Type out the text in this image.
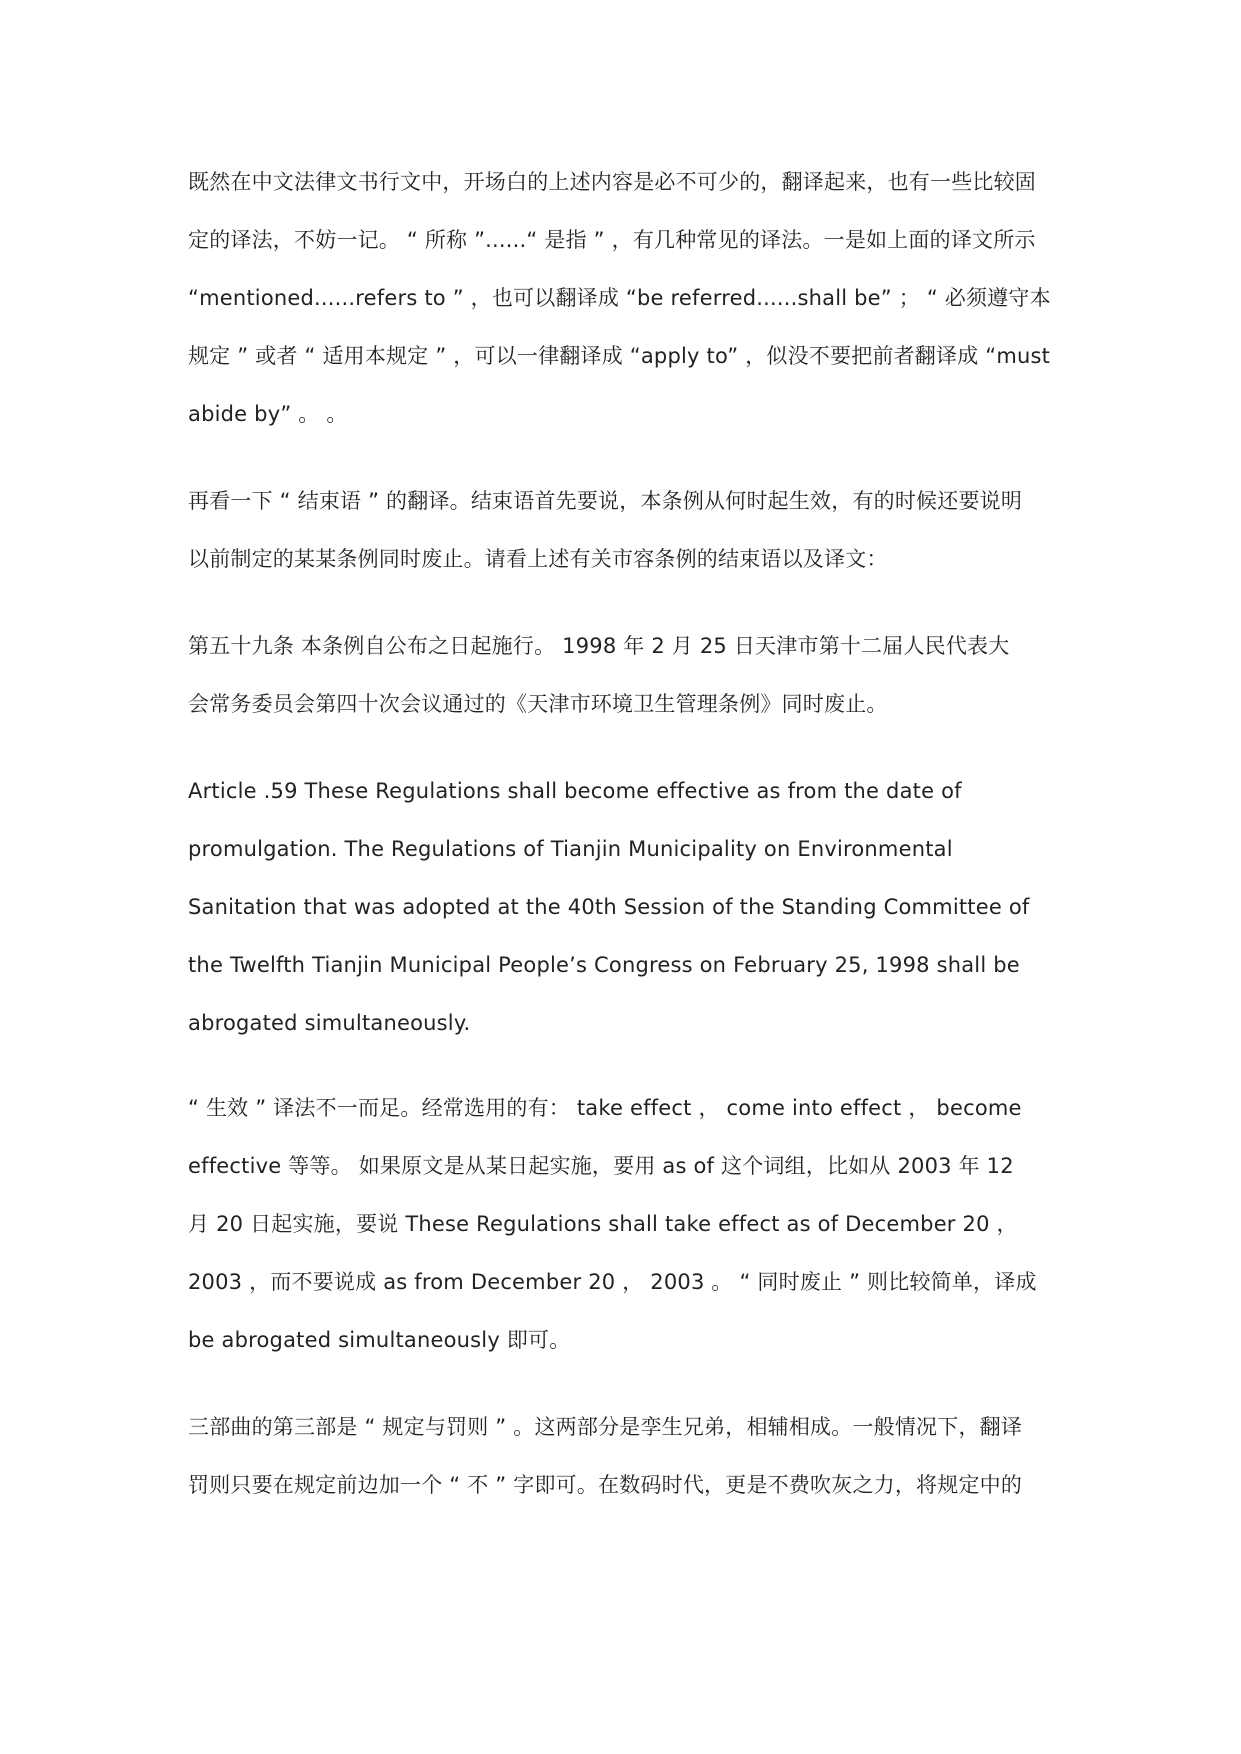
既然在中文法律文书行文中，开场白的上述内容是必不可少的，翻译起来，也有一些比较固
定的译法，不妨一记。 “ 所称 ”......“ 是指 ” ，有几种常见的译法。一是如上面的译文所示
“mentioned......refers to ” ，也可以翻译成 “be referred......shall be” ； “ 必须遵守本
规定 ” 或者 “ 适用本规定 ” ，可以一律翻译成 “apply to” ，似没不要把前者翻译成 “must
abide by” 。 。
再看一下 “ 结束语 ” 的翻译。结束语首先要说，本条例从何时起生效，有的时候还要说明
以前制定的某某条例同时废止。请看上述有关市容条例的结束语以及译文：
第五十九条 本条例自公布之日起施行。 1998 年 2 月 25 日天津市第十二届人民代表大
会常务委员会第四十次会议通过的《天津市环境卫生管理条例》同时废止。
Article .59 These Regulations shall become effective as from the date of
promulgation. The Regulations of Tianjin Municipality on Environmental
Sanitation that was adopted at the 40th Session of the Standing Committee of
the Twelfth Tianjin Municipal People’s Congress on February 25, 1998 shall be
abrogated simultaneously.
“ 生效 ” 译法不一而足。经常选用的有： take effect ， come into effect ， become
effective 等等。 如果原文是从某日起实施，要用 as of 这个词组，比如从 2003 年 12
月 20 日起实施，要说 These Regulations shall take effect as of December 20 ，
2003 ，而不要说成 as from December 20 ， 2003 。 “ 同时废止 ” 则比较简单，译成
be abrogated simultaneously 即可。
三部曲的第三部是 “ 规定与罚则 ” 。这两部分是孪生兄弟，相辅相成。一般情况下，翻译
罚则只要在规定前边加一个 “ 不 ” 字即可。在数码时代，更是不费吹灰之力，将规定中的
